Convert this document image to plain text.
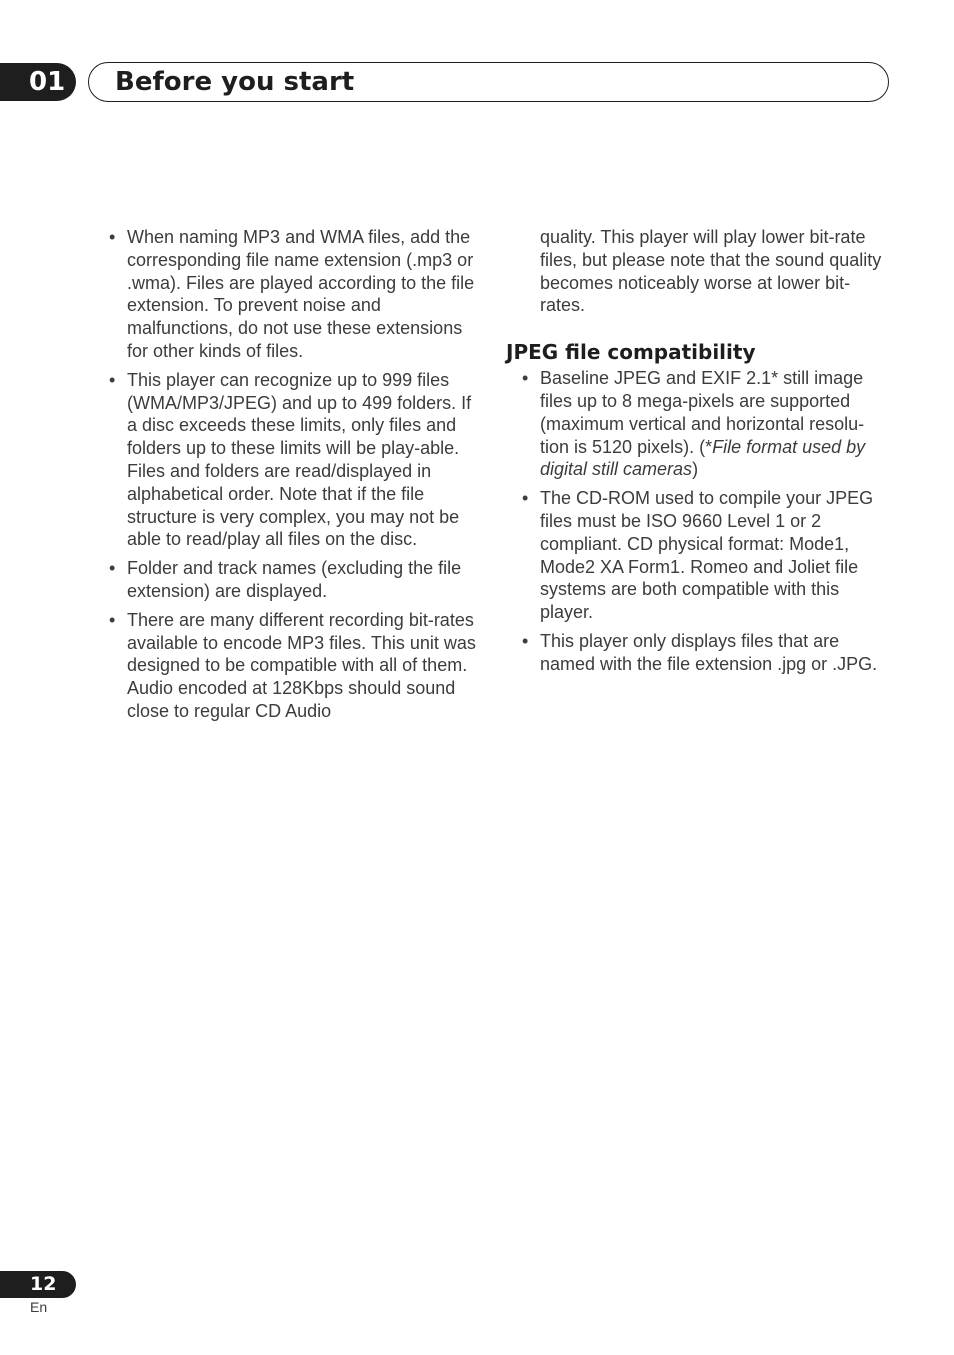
01	Before you start
• When naming MP3 and WMA files, add the corresponding file name extension (.mp3 or .wma). Files are played according to the file extension. To prevent noise and malfunctions, do not use these extensions for other kinds of files.
• This player can recognize up to 999 files (WMA/MP3/JPEG) and up to 499 folders. If a disc exceeds these limits, only files and folders up to these limits will be play-able. Files and folders are read/displayed in alphabetical order. Note that if the file structure is very complex, you may not be able to read/play all files on the disc.
• Folder and track names (excluding the file extension) are displayed.
• There are many different recording bit-rates available to encode MP3 files. This unit was designed to be compatible with all of them. Audio encoded at 128Kbps should sound close to regular CD Audio

quality. This player will play lower bit-rate files, but please note that the sound quality becomes noticeably worse at lower bit-rates.

JPEG file compatibility
• Baseline JPEG and EXIF 2.1* still image files up to 8 mega-pixels are supported (maximum vertical and horizontal resolu-tion is 5120 pixels). (*File format used by digital still cameras)
• The CD-ROM used to compile your JPEG files must be ISO 9660 Level 1 or 2 compliant. CD physical format: Mode1, Mode2 XA Form1. Romeo and Joliet file systems are both compatible with this player.
• This player only displays files that are named with the file extension .jpg or .JPG.
12
En
